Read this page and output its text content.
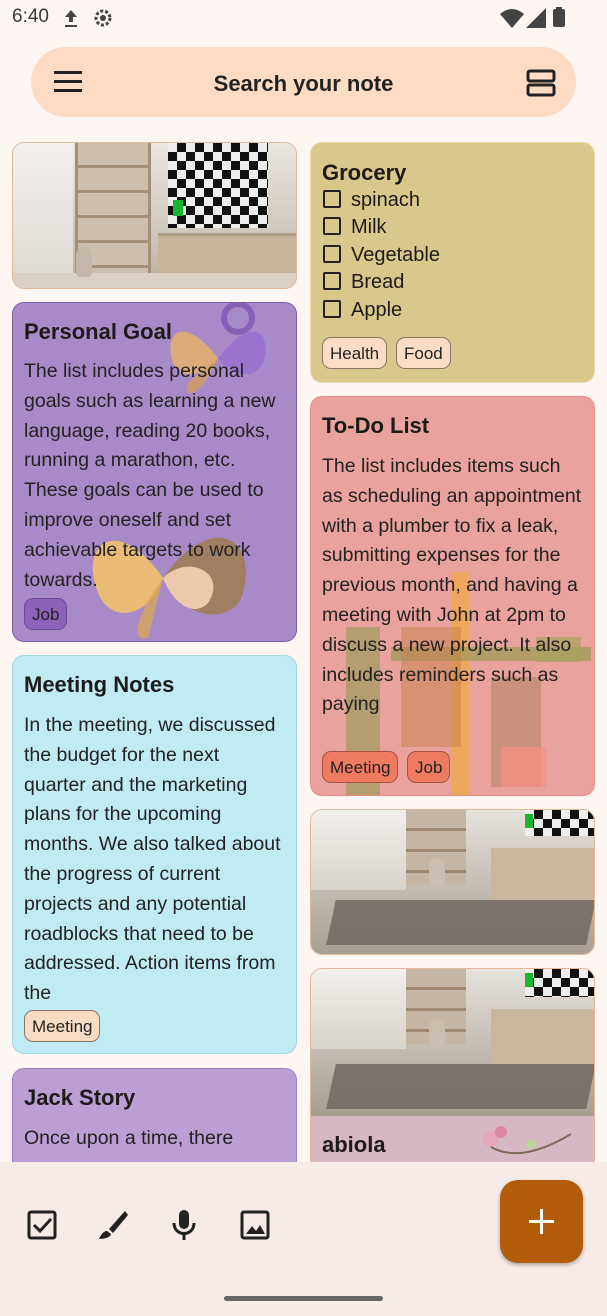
6:40
Search your note
Personal Goal
The list includes personal goals such as learning a new language, reading 20 books, running a marathon, etc. These goals can be used to improve oneself and set achievable targets to work towards.
Job
Meeting Notes
In the meeting, we discussed the budget for the next quarter and the marketing plans for the upcoming months. We also talked about the progress of current projects and any potential roadblocks that need to be addressed. Action items from the
Meeting
Jack Story
Once upon a time, there
Grocery
spinach
Milk
Vegetable
Bread
Apple
Health	Food
To-Do List
The list includes items such as scheduling an appointment with a plumber to fix a leak, submitting expenses for the previous month, and having a meeting with John at 2pm to discuss a new project. It also includes reminders such as paying
Meeting	Job
abiola
